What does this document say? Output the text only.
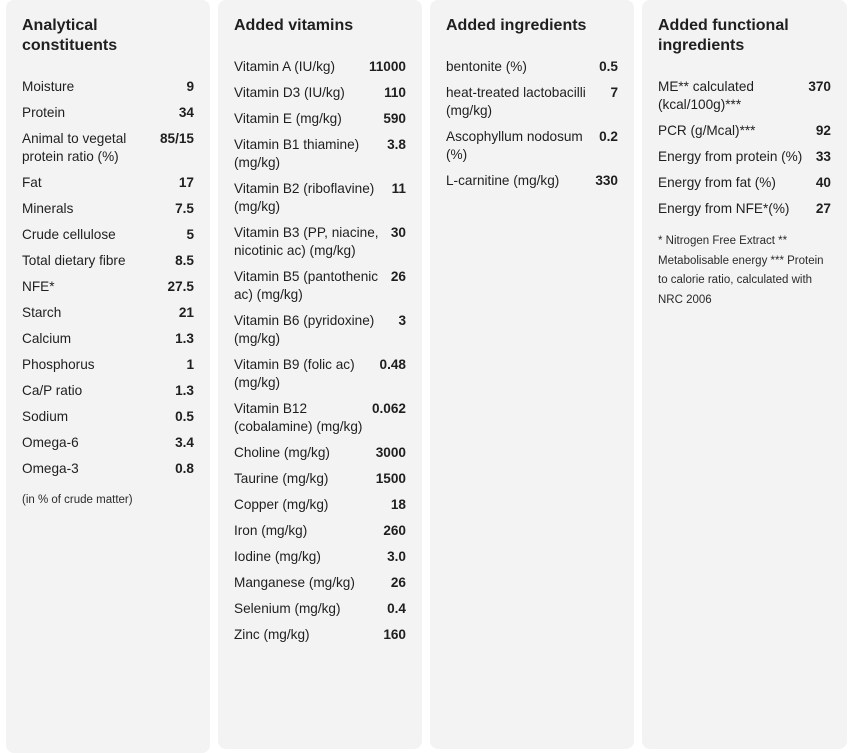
Analytical constituents
Moisture	9
Protein	34
Animal to vegetal protein ratio (%)
85/15
Fat	17
Minerals	7.5
Crude cellulose	5
Total dietary fibre	8.5
NFE*	27.5
Starch	21
Calcium	1.3
Phosphorus	1
Ca/P ratio	1.3
Sodium	0.5
Omega-6	3.4
Omega-3	0.8
(in % of crude matter)
Added vitamins
Vitamin A (IU/kg)	11000
Vitamin D3 (IU/kg)	110
Vitamin E (mg/kg)	590
Vitamin B1 thiamine) (mg/kg)
3.8
Vitamin B2 (riboflavine) (mg/kg)
11
Vitamin B3 (PP, niacine, nicotinic ac) (mg/kg)
30
Vitamin B5 (pantothenic ac) (mg/kg)
26
Vitamin B6 (pyridoxine) (mg/kg)
3
Vitamin B9 (folic ac) (mg/kg)
0.48
Vitamin B12 (cobalamine) (mg/kg)
0.062
Choline (mg/kg)	3000
Taurine (mg/kg)	1500
Copper (mg/kg)	18
Iron (mg/kg)	260
Iodine (mg/kg)	3.0
Manganese (mg/kg)	26
Selenium (mg/kg)	0.4
Zinc (mg/kg)	160
Added ingredients
bentonite (%)	0.5
heat-treated lactobacilli (mg/kg)
7
Ascophyllum nodosum (%)
0.2
L-carnitine (mg/kg)	330
Added functional ingredients
ME** calculated (kcal/100g)***
370
PCR (g/Mcal)***	92
Energy from protein (%) 33
Energy from fat (%)	40
Energy from NFE*(%)	27
* Nitrogen Free Extract ** Metabolisable energy *** Protein to calorie ratio, calculated with NRC 2006
